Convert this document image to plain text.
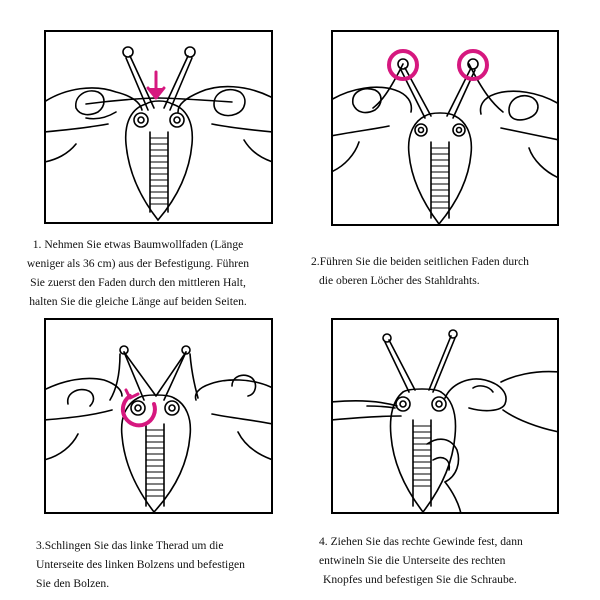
1. Nehmen Sie etwas Baumwollfaden (Länge
weniger als 36 cm) aus der Befestigung. Führen
Sie zuerst den Faden durch den mittleren Halt,
halten Sie die gleiche Länge auf beiden Seiten.
2.Führen Sie die beiden seitlichen Faden durch
die oberen Löcher des Stahldrahts.
3.Schlingen Sie das linke Therad um die
Unterseite des linken Bolzens und befestigen
Sie den Bolzen.
4. Ziehen Sie das rechte Gewinde fest, dann
entwineln Sie die Unterseite des rechten
Knopfes und befestigen Sie die Schraube.
